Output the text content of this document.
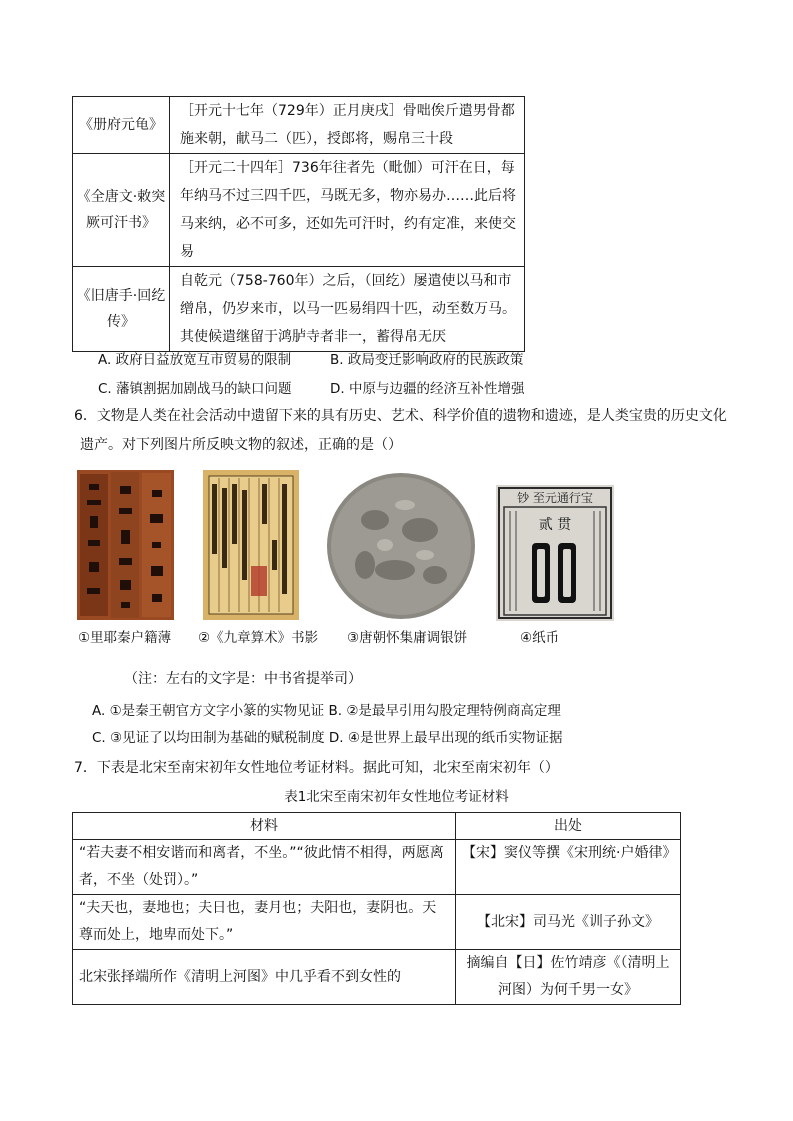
《册府元龟》	［开元十七年（729年）正月庚戌］骨咄俟斤遣男骨都施来朝，献马二（匹），授郎将，赐帛三十段
《全唐文·敕突厥可汗书》	［开元二十四年］736年往者先（毗伽）可汗在日，每年纳马不过三四千匹，马既无多，物亦易办……此后将马来纳，必不可多，还如先可汗时，约有定准，来使交易
《旧唐手·回纥传》	自乾元（758-760年）之后，（回纥）屡遣使以马和市缯帛，仍岁来市，以马一匹易绢四十匹，动至数万马。其使候遣继留于鸿胪寺者非一，蓄得帛无厌
A. 政府日益放宽互市贸易的限制	B. 政局变迁影响政府的民族政策
C. 藩镇割据加剧战马的缺口问题	D. 中原与边疆的经济互补性增强
6．文物是人类在社会活动中遗留下来的具有历史、艺术、科学价值的遗物和遗迹，是人类宝贵的历史文化
遗产。对下列图片所反映文物的叙述，正确的是（）
钞 至元通行宝
贰 贯
①里耶秦户籍薄 ②《九章算术》书影 ③唐朝怀集庸调银饼	④纸币
（注：左右的文字是：中书省提举司）
A. ①是秦王朝官方文字小篆的实物见证 B. ②是最早引用勾股定理特例商高定理
C. ③见证了以均田制为基础的赋税制度 D. ④是世界上最早出现的纸币实物证据
7．下表是北宋至南宋初年女性地位考证材料。据此可知，北宋至南宋初年（）
表1北宋至南宋初年女性地位考证材料
材料	出处
“若夫妻不相安谐而和离者，不坐。”“彼此情不相得，两愿离者，不坐（处罚）。”	【宋】窦仪等撰《宋刑统·户婚律》
“夫天也，妻地也；夫日也，妻月也；夫阳也，妻阴也。天尊而处上，地卑而处下。”	【北宋】司马光《训子孙文》
北宋张择端所作《清明上河图》中几乎看不到女性的	摘编自【日】佐竹靖彦《（清明上河图）为何千男一女》
